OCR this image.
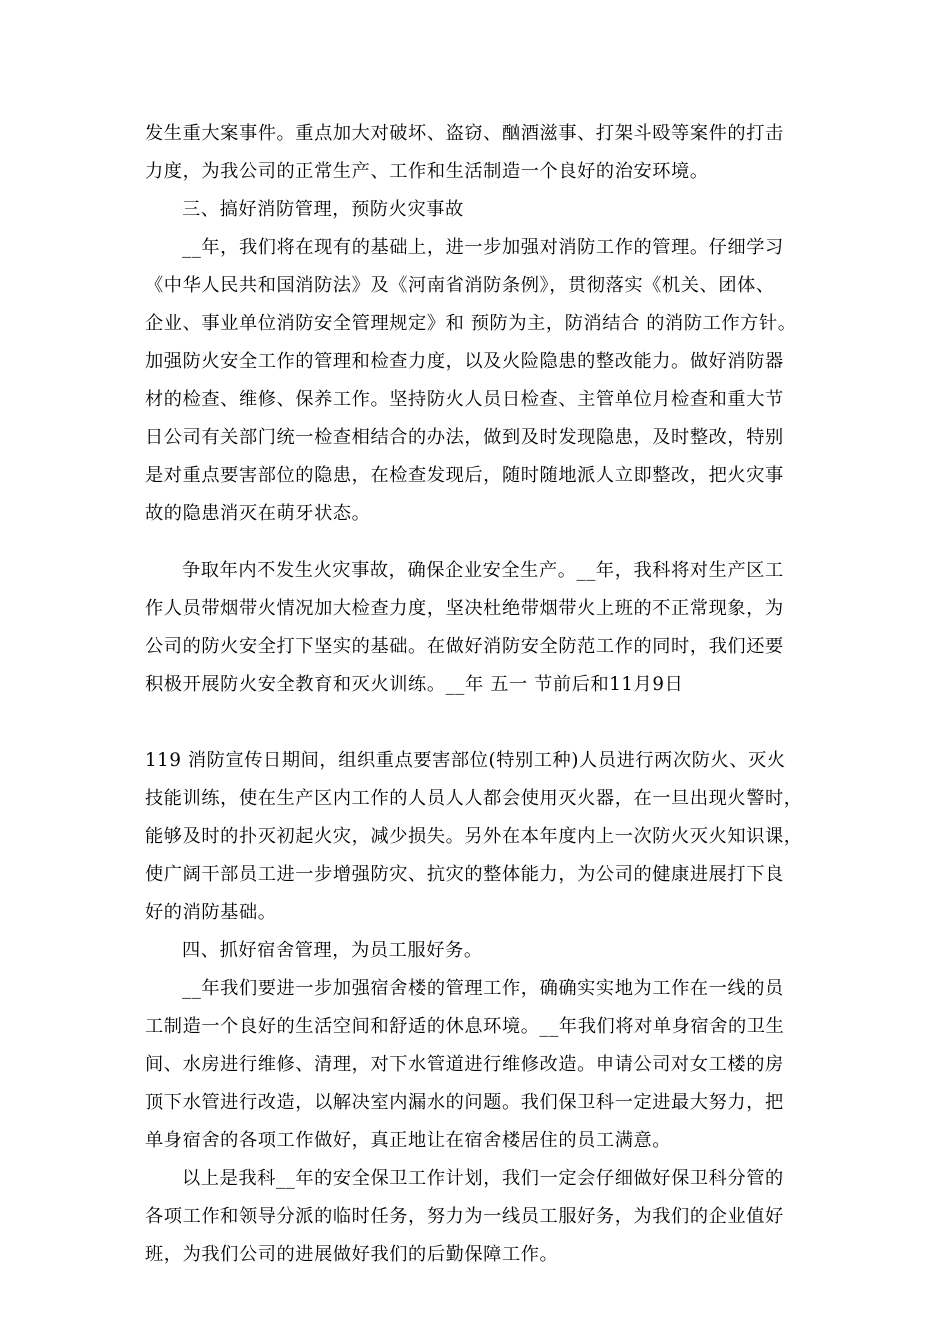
发生重大案事件。重点加大对破坏、盗窃、酗酒滋事、打架斗殴等案件的打击
力度，为我公司的正常生产、工作和生活制造一个良好的治安环境。
三、搞好消防管理，预防火灾事故
__年，我们将在现有的基础上，进一步加强对消防工作的管理。仔细学习
《中华人民共和国消防法》及《河南省消防条例》，贯彻落实《机关、团体、
企业、事业单位消防安全管理规定》和 预防为主，防消结合 的消防工作方针。
加强防火安全工作的管理和检查力度，以及火险隐患的整改能力。做好消防器
材的检查、维修、保养工作。坚持防火人员日检查、主管单位月检查和重大节
日公司有关部门统一检查相结合的办法，做到及时发现隐患，及时整改，特别
是对重点要害部位的隐患，在检查发现后，随时随地派人立即整改，把火灾事
故的隐患消灭在萌牙状态。
争取年内不发生火灾事故，确保企业安全生产。__年，我科将对生产区工
作人员带烟带火情况加大检查力度，坚决杜绝带烟带火上班的不正常现象，为
公司的防火安全打下坚实的基础。在做好消防安全防范工作的同时，我们还要
积极开展防火安全教育和灭火训练。__年 五一 节前后和11月9日
119 消防宣传日期间，组织重点要害部位(特别工种)人员进行两次防火、灭火
技能训练，使在生产区内工作的人员人人都会使用灭火器，在一旦出现火警时，
能够及时的扑灭初起火灾，减少损失。另外在本年度内上一次防火灭火知识课，
使广阔干部员工进一步增强防灾、抗灾的整体能力，为公司的健康进展打下良
好的消防基础。
四、抓好宿舍管理，为员工服好务。
__年我们要进一步加强宿舍楼的管理工作，确确实实地为工作在一线的员
工制造一个良好的生活空间和舒适的休息环境。__年我们将对单身宿舍的卫生
间、水房进行维修、清理，对下水管道进行维修改造。申请公司对女工楼的房
顶下水管进行改造，以解决室内漏水的问题。我们保卫科一定进最大努力，把
单身宿舍的各项工作做好，真正地让在宿舍楼居住的员工满意。
以上是我科__年的安全保卫工作计划，我们一定会仔细做好保卫科分管的
各项工作和领导分派的临时任务，努力为一线员工服好务，为我们的企业值好
班，为我们公司的进展做好我们的后勤保障工作。
